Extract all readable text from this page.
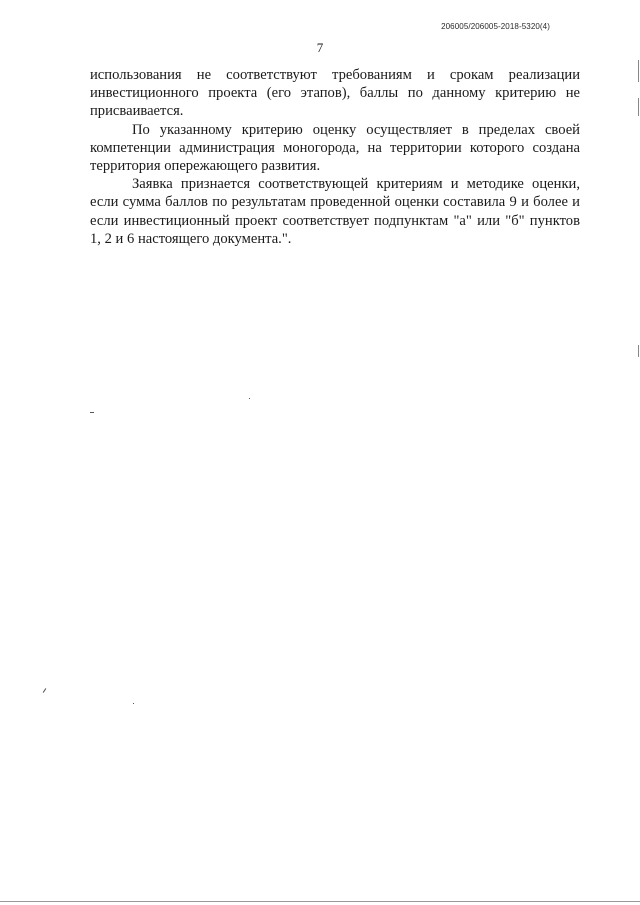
206005/206005-2018-5320(4)
7

использования не соответствуют требованиям и срокам реализации инвестиционного проекта (его этапов), баллы по данному критерию не присваивается.

По указанному критерию оценку осуществляет в пределах своей компетенции администрация моногорода, на территории которого создана территория опережающего развития.

Заявка признается соответствующей критериям и методике оценки, если сумма баллов по результатам проведенной оценки составила 9 и более и если инвестиционный проект соответствует подпунктам "а" или "б" пунктов 1, 2 и 6 настоящего документа.".
